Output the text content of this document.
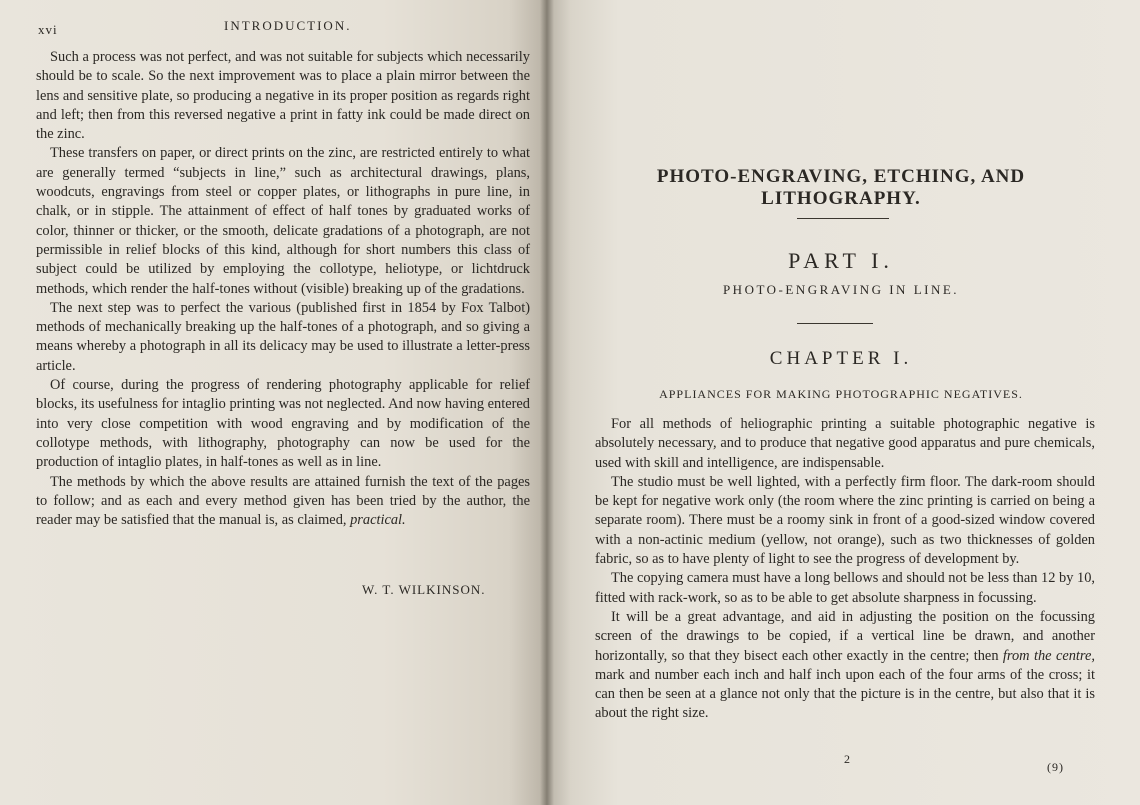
xvi	INTRODUCTION.

Such a process was not perfect, and was not suitable for subjects which necessarily should be to scale. So the next improvement was to place a plain mirror between the lens and sensitive plate, so producing a negative in its proper position as regards right and left; then from this reversed negative a print in fatty ink could be made direct on the zinc.

These transfers on paper, or direct prints on the zinc, are restricted entirely to what are generally termed “subjects in line,” such as architectural drawings, plans, woodcuts, engravings from steel or copper plates, or lithographs in pure line, in chalk, or in stipple. The attainment of effect of half tones by graduated works of color, thinner or thicker, or the smooth, delicate gradations of a photograph, are not permissible in relief blocks of this kind, although for short numbers this class of subject could be utilized by employing the collotype, heliotype, or lichtdruck methods, which render the half-tones without (visible) breaking up of the gradations.

The next step was to perfect the various (published first in 1854 by Fox Talbot) methods of mechanically breaking up the half-tones of a photograph, and so giving a means whereby a photograph in all its delicacy may be used to illustrate a letter-press article.

Of course, during the progress of rendering photography applicable for relief blocks, its usefulness for intaglio printing was not neglected. And now having entered into very close competition with wood engraving and by modification of the collotype methods, with lithography, photography can now be used for the production of intaglio plates, in half-tones as well as in line.

The methods by which the above results are attained furnish the text of the pages to follow; and as each and every method given has been tried by the author, the reader may be satisfied that the manual is, as claimed, practical.

W. T. WILKINSON.
PHOTO-ENGRAVING, ETCHING, AND LITHOGRAPHY.
PART I.
PHOTO-ENGRAVING IN LINE.
CHAPTER I.
APPLIANCES FOR MAKING PHOTOGRAPHIC NEGATIVES.

For all methods of heliographic printing a suitable photographic negative is absolutely necessary, and to produce that negative good apparatus and pure chemicals, used with skill and intelligence, are indispensable.

The studio must be well lighted, with a perfectly firm floor. The dark-room should be kept for negative work only (the room where the zinc printing is carried on being a separate room). There must be a roomy sink in front of a good-sized window covered with a non-actinic medium (yellow, not orange), such as two thicknesses of golden fabric, so as to have plenty of light to see the progress of development by.

The copying camera must have a long bellows and should not be less than 12 by 10, fitted with rack-work, so as to be able to get absolute sharpness in focussing.

It will be a great advantage, and aid in adjusting the position on the focussing screen of the drawings to be copied, if a vertical line be drawn, and another horizontally, so that they bisect each other exactly in the centre; then from the centre, mark and number each inch and half inch upon each of the four arms of the cross; it can then be seen at a glance not only that the picture is in the centre, but also that it is about the right size.

2
(9)
